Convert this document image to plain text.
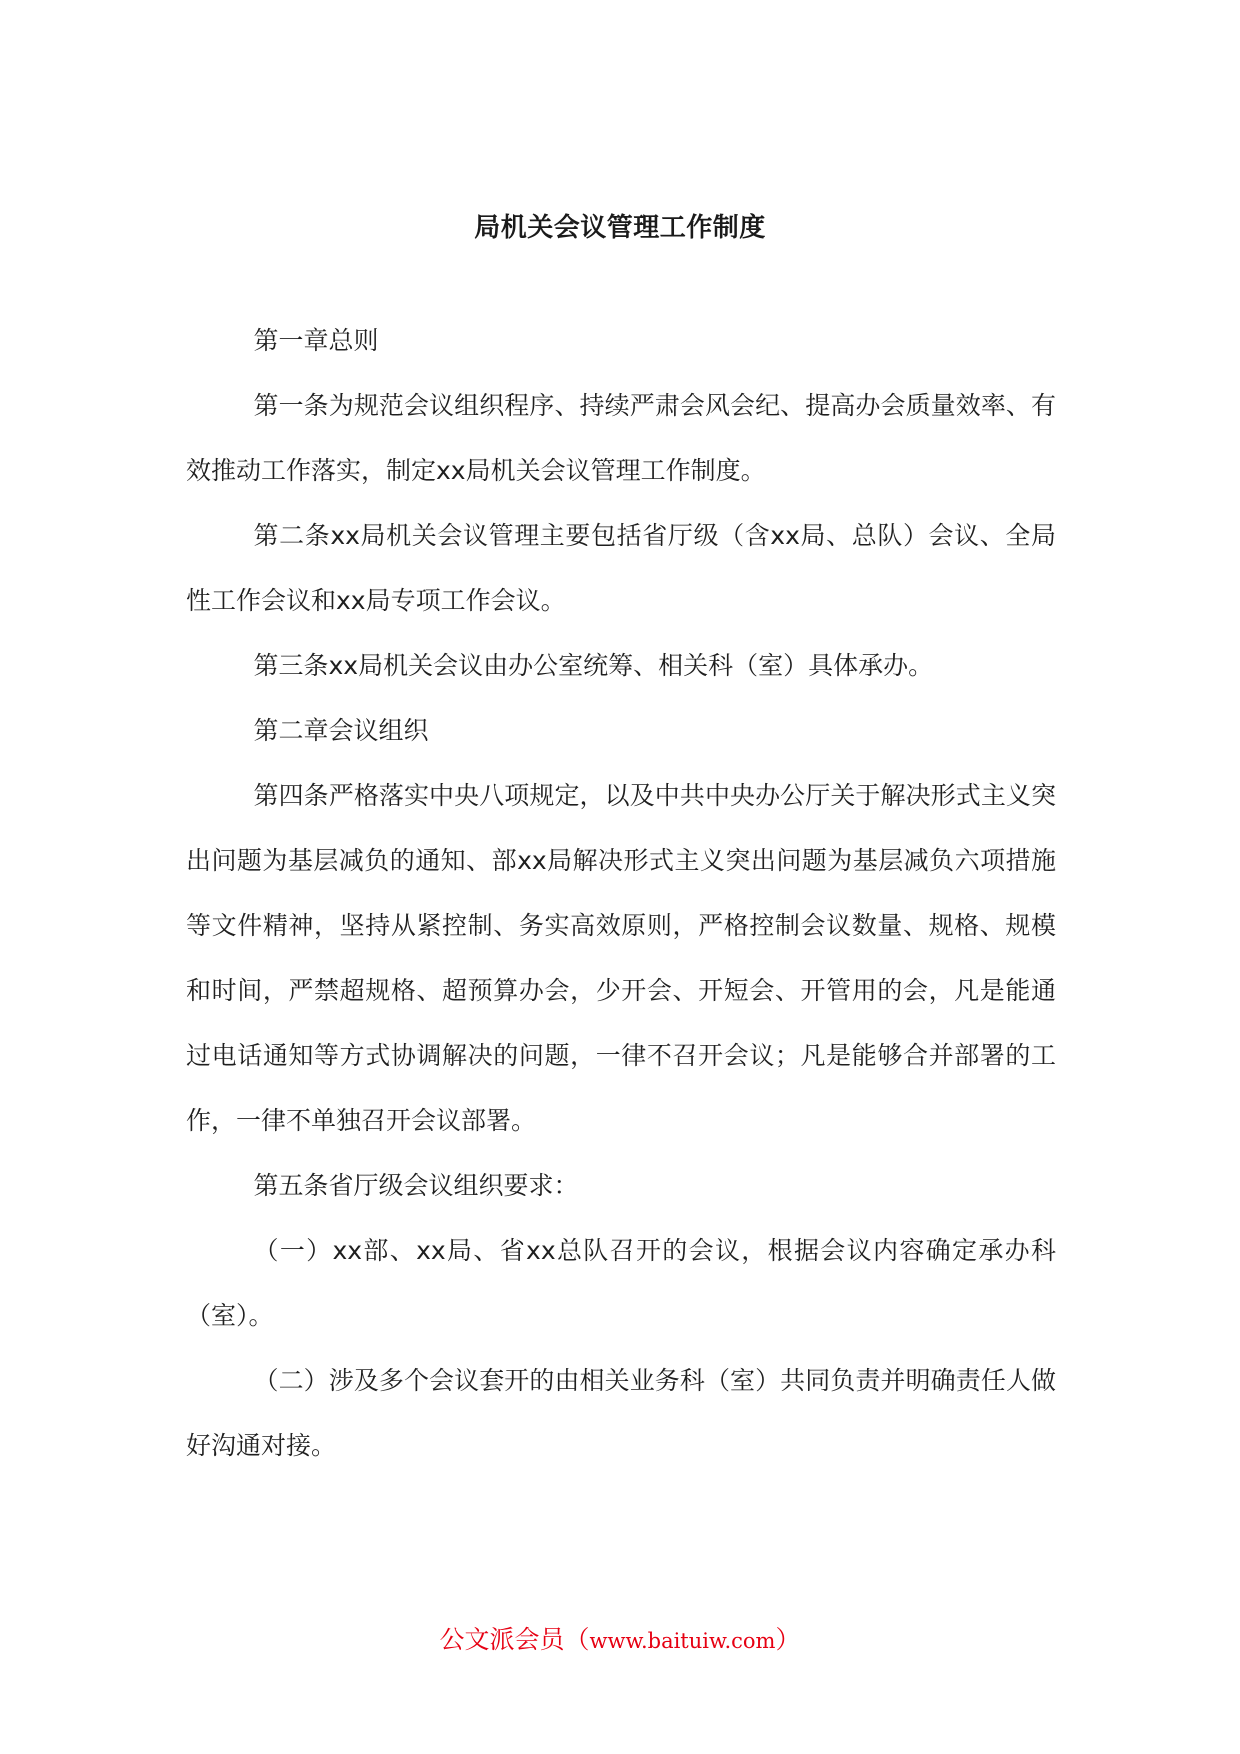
局机关会议管理工作制度

第一章总则

第一条为规范会议组织程序、持续严肃会风会纪、提高办会质量效率、有效推动工作落实，制定xx局机关会议管理工作制度。

第二条xx局机关会议管理主要包括省厅级（含xx局、总队）会议、全局性工作会议和xx局专项工作会议。

第三条xx局机关会议由办公室统筹、相关科（室）具体承办。

第二章会议组织

第四条严格落实中央八项规定，以及中共中央办公厅关于解决形式主义突出问题为基层减负的通知、部xx局解决形式主义突出问题为基层减负六项措施等文件精神，坚持从紧控制、务实高效原则，严格控制会议数量、规格、规模和时间，严禁超规格、超预算办会，少开会、开短会、开管用的会，凡是能通过电话通知等方式协调解决的问题，一律不召开会议；凡是能够合并部署的工作，一律不单独召开会议部署。

第五条省厅级会议组织要求：

（一）xx部、xx局、省xx总队召开的会议，根据会议内容确定承办科（室）。

（二）涉及多个会议套开的由相关业务科（室）共同负责并明确责任人做好沟通对接。

公文派会员（www.baituiw.com）
